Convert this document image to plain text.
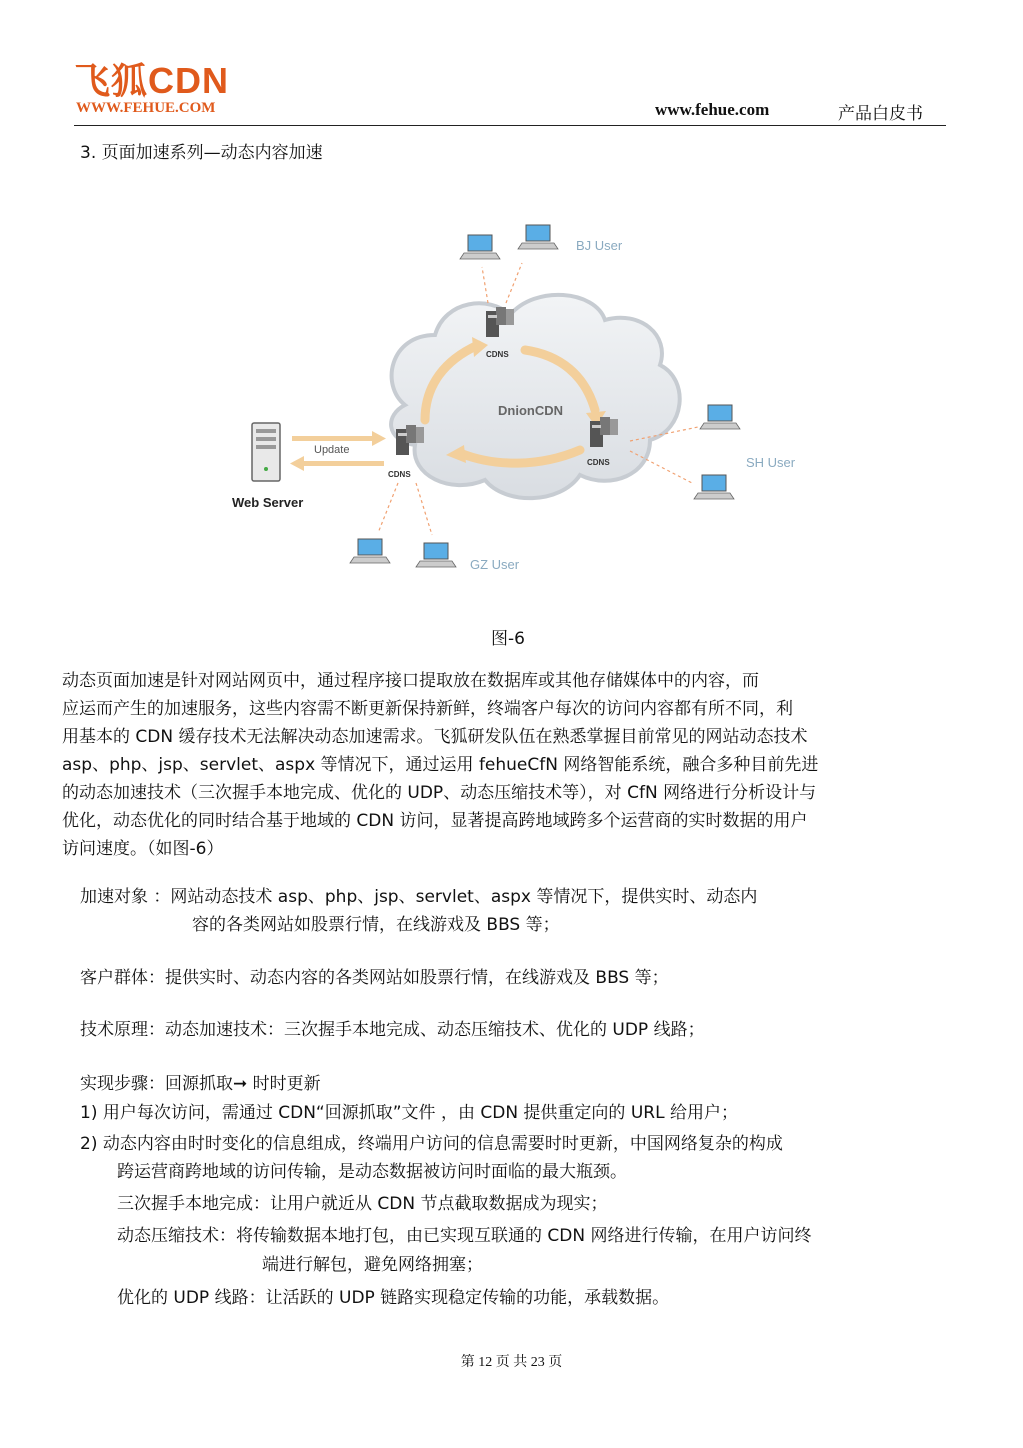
飞狐CDN
WWW.FEHUE.COM	www.fehue.com	产品白皮书
3. 页面加速系列—动态内容加速
DnionCDN
CDNS
CDNS
CDNS
Web Server
Update
BJ User
SH User
GZ User
图-6
动态页面加速是针对网站网页中，通过程序接口提取放在数据库或其他存储媒体中的内容，而
应运而产生的加速服务，这些内容需不断更新保持新鲜，终端客户每次的访问内容都有所不同，利
用基本的 CDN 缓存技术无法解决动态加速需求。飞狐研发队伍在熟悉掌握目前常见的网站动态技术
asp、php、jsp、servlet、aspx 等情况下，通过运用 fehueCfN 网络智能系统，融合多种目前先进
的动态加速技术（三次握手本地完成、优化的 UDP、动态压缩技术等），对 CfN 网络进行分析设计与
优化，动态优化的同时结合基于地域的 CDN 访问，显著提高跨地域跨多个运营商的实时数据的用户
访问速度。（如图-6）
加速对象 ：网站动态技术 asp、php、jsp、servlet、aspx 等情况下，提供实时、动态内
容的各类网站如股票行情，在线游戏及 BBS 等；
客户群体：提供实时、动态内容的各类网站如股票行情，在线游戏及 BBS 等；
技术原理：动态加速技术：三次握手本地完成、动态压缩技术、优化的 UDP 线路；
实现步骤：回源抓取➞ 时时更新
1) 用户每次访问，需通过 CDN“回源抓取”文件 ，由 CDN 提供重定向的 URL 给用户；
2) 动态内容由时时变化的信息组成，终端用户访问的信息需要时时更新，中国网络复杂的构成
跨运营商跨地域的访问传输，是动态数据被访问时面临的最大瓶颈。
三次握手本地完成：让用户就近从 CDN 节点截取数据成为现实；
动态压缩技术：将传输数据本地打包，由已实现互联通的 CDN 网络进行传输，在用户访问终
端进行解包，避免网络拥塞；
优化的 UDP 线路：让活跃的 UDP 链路实现稳定传输的功能，承载数据。
第 12 页 共 23 页
